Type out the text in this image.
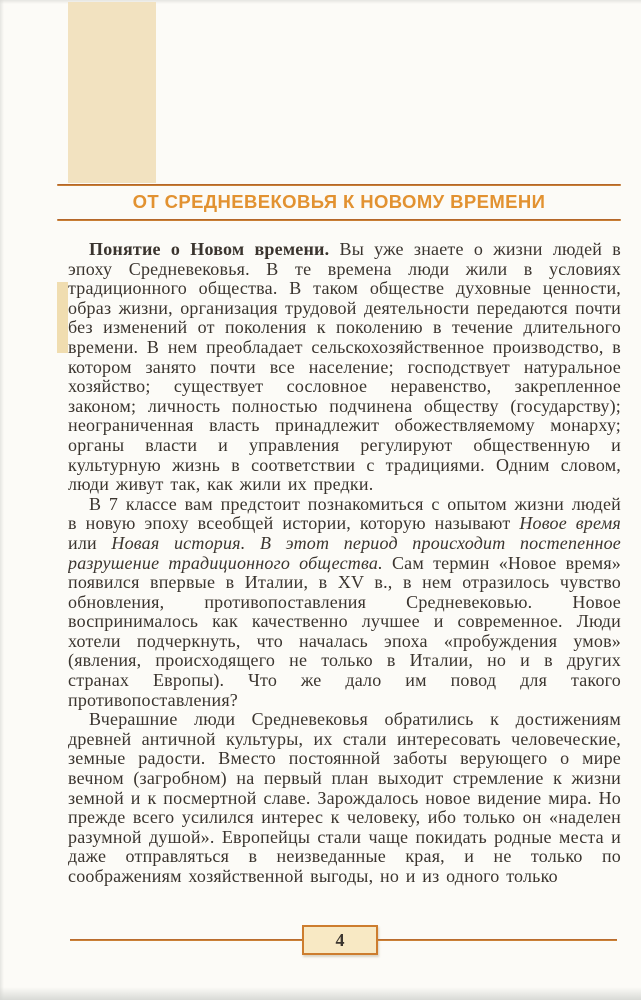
ОТ СРЕДНЕВЕКОВЬЯ К НОВОМУ ВРЕМЕНИ

Понятие о Новом времени. Вы уже знаете о жизни людей в эпоху Средневековья. В те времена люди жили в условиях традиционного общества. В таком обществе духовные ценности, образ жизни, организация трудовой деятельности передаются почти без изменений от поколения к поколению в течение длительного времени. В нем преобладает сельскохозяйственное производство, в котором занято почти все население; господствует натуральное хозяйство; существует сословное неравенство, закрепленное законом; личность полностью подчинена обществу (государству); неограниченная власть принадлежит обожествляемому монарху; органы власти и управления регулируют общественную и культурную жизнь в соответствии с традициями. Одним словом, люди живут так, как жили их предки.

В 7 классе вам предстоит познакомиться с опытом жизни людей в новую эпоху всеобщей истории, которую называют Новое время или Новая история. В этот период происходит постепенное разрушение традиционного общества. Сам термин «Новое время» появился впервые в Италии, в XV в., в нем отразилось чувство обновления, противопоставления Средневековью. Новое воспринималось как качественно лучшее и современное. Люди хотели подчеркнуть, что началась эпоха «пробуждения умов» (явления, происходящего не только в Италии, но и в других странах Европы). Что же дало им повод для такого противопоставления?

Вчерашние люди Средневековья обратились к достижениям древней античной культуры, их стали интересовать человеческие, земные радости. Вместо постоянной заботы верующего о мире вечном (загробном) на первый план выходит стремление к жизни земной и к посмертной славе. Зарождалось новое видение мира. Но прежде всего усилился интерес к человеку, ибо только он «наделен разумной душой». Европейцы стали чаще покидать родные места и даже отправляться в неизведанные края, и не только по соображениям хозяйственной выгоды, но и из одного только

4
